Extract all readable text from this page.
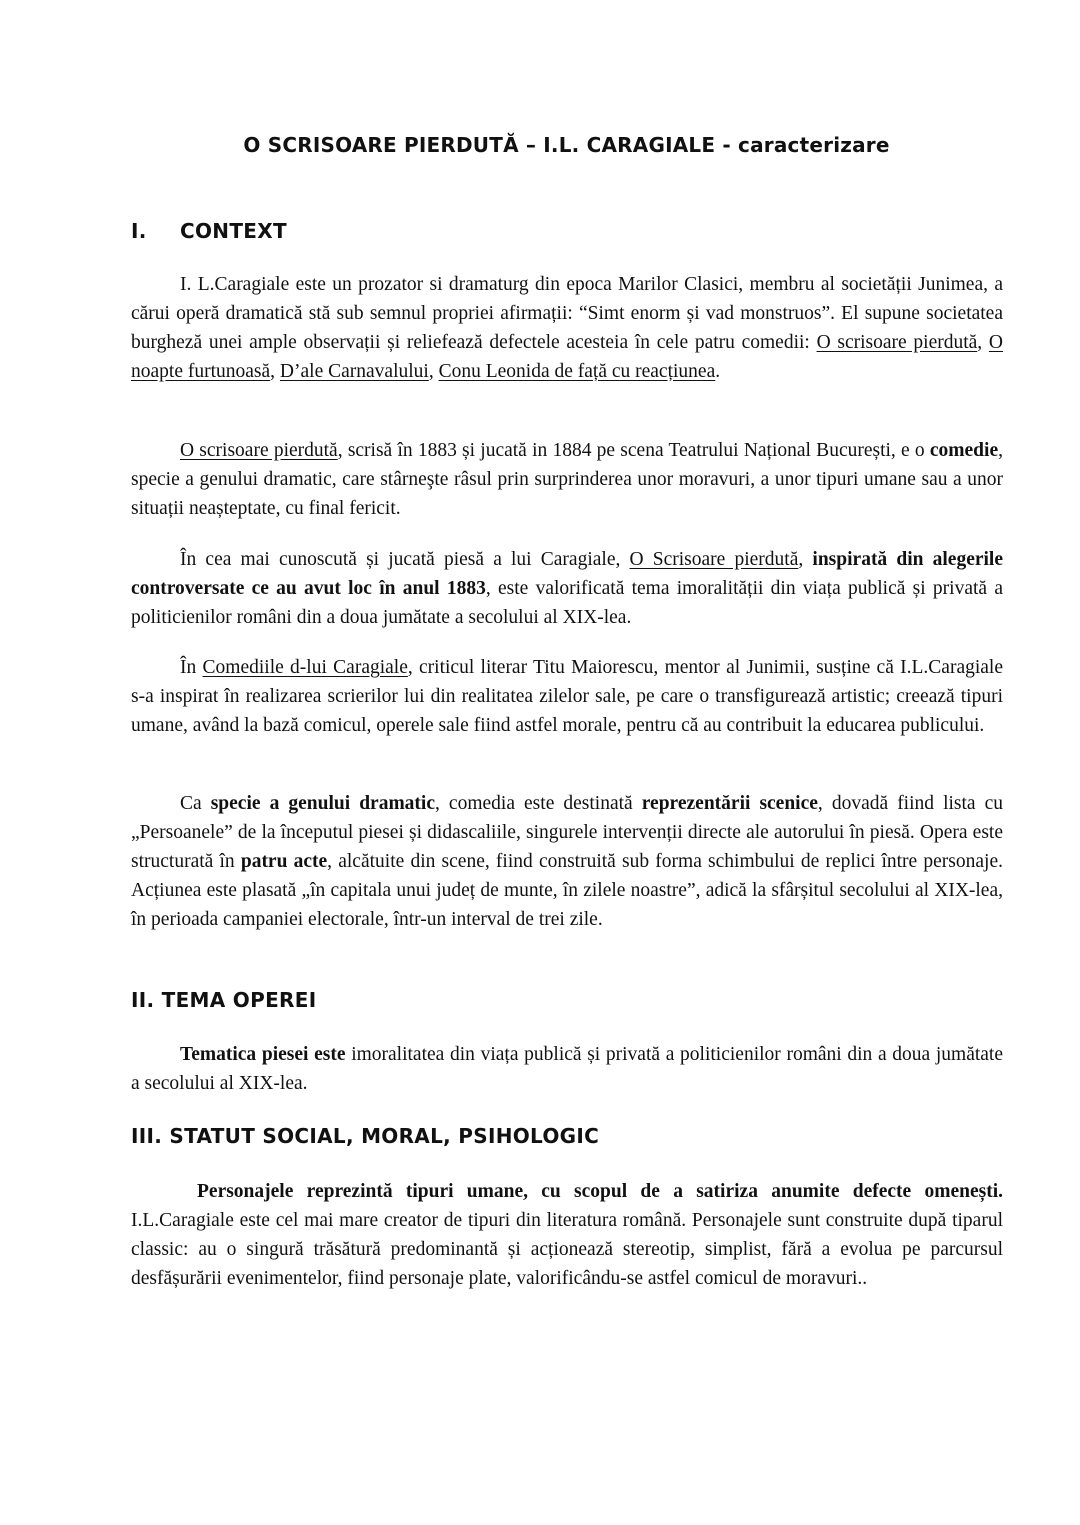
O SCRISOARE PIERDUTĂ – I.L. CARAGIALE - caracterizare
I. CONTEXT
I. L.Caragiale este un prozator si dramaturg din epoca Marilor Clasici, membru al societății Junimea, a cărui operă dramatică stă sub semnul propriei afirmații: “Simt enorm și vad monstruos”. El supune societatea burgheză unei ample observații și reliefează defectele acesteia în cele patru comedii: O scrisoare pierdută, O noapte furtunoasă, D’ale Carnavalului, Conu Leonida de față cu reacțiunea.
O scrisoare pierdută, scrisă în 1883 și jucată in 1884 pe scena Teatrului Național București, e o comedie, specie a genului dramatic, care stârneşte râsul prin surprinderea unor moravuri, a unor tipuri umane sau a unor situații neașteptate, cu final fericit.
În cea mai cunoscută și jucată piesă a lui Caragiale, O Scrisoare pierdută, inspirată din alegerile controversate ce au avut loc în anul 1883, este valorificată tema imoralității din viața publică și privată a politicienilor români din a doua jumătate a secolului al XIX-lea.
În Comediile d-lui Caragiale, criticul literar Titu Maiorescu, mentor al Junimii, susține că I.L.Caragiale s-a inspirat în realizarea scrierilor lui din realitatea zilelor sale, pe care o transfigurează artistic; creează tipuri umane, având la bază comicul, operele sale fiind astfel morale, pentru că au contribuit la educarea publicului.
Ca specie a genului dramatic, comedia este destinată reprezentării scenice, dovadă fiind lista cu „Persoanele” de la începutul piesei și didascaliile, singurele intervenții directe ale autorului în piesă. Opera este structurată în patru acte, alcătuite din scene, fiind construită sub forma schimbului de replici între personaje. Acțiunea este plasată „în capitala unui județ de munte, în zilele noastre”, adică la sfârșitul secolului al XIX-lea, în perioada campaniei electorale, într-un interval de trei zile.
II. TEMA OPEREI
Tematica piesei este imoralitatea din viața publică și privată a politicienilor români din a doua jumătate a secolului al XIX-lea.
III. STATUT SOCIAL, MORAL, PSIHOLOGIC
Personajele reprezintă tipuri umane, cu scopul de a satiriza anumite defecte omenești. I.L.Caragiale este cel mai mare creator de tipuri din literatura română. Personajele sunt construite după tiparul classic: au o singură trăsătură predominantă și acționează stereotip, simplist, fără a evolua pe parcursul desfășurării evenimentelor, fiind personaje plate, valorificându-se astfel comicul de moravuri..
